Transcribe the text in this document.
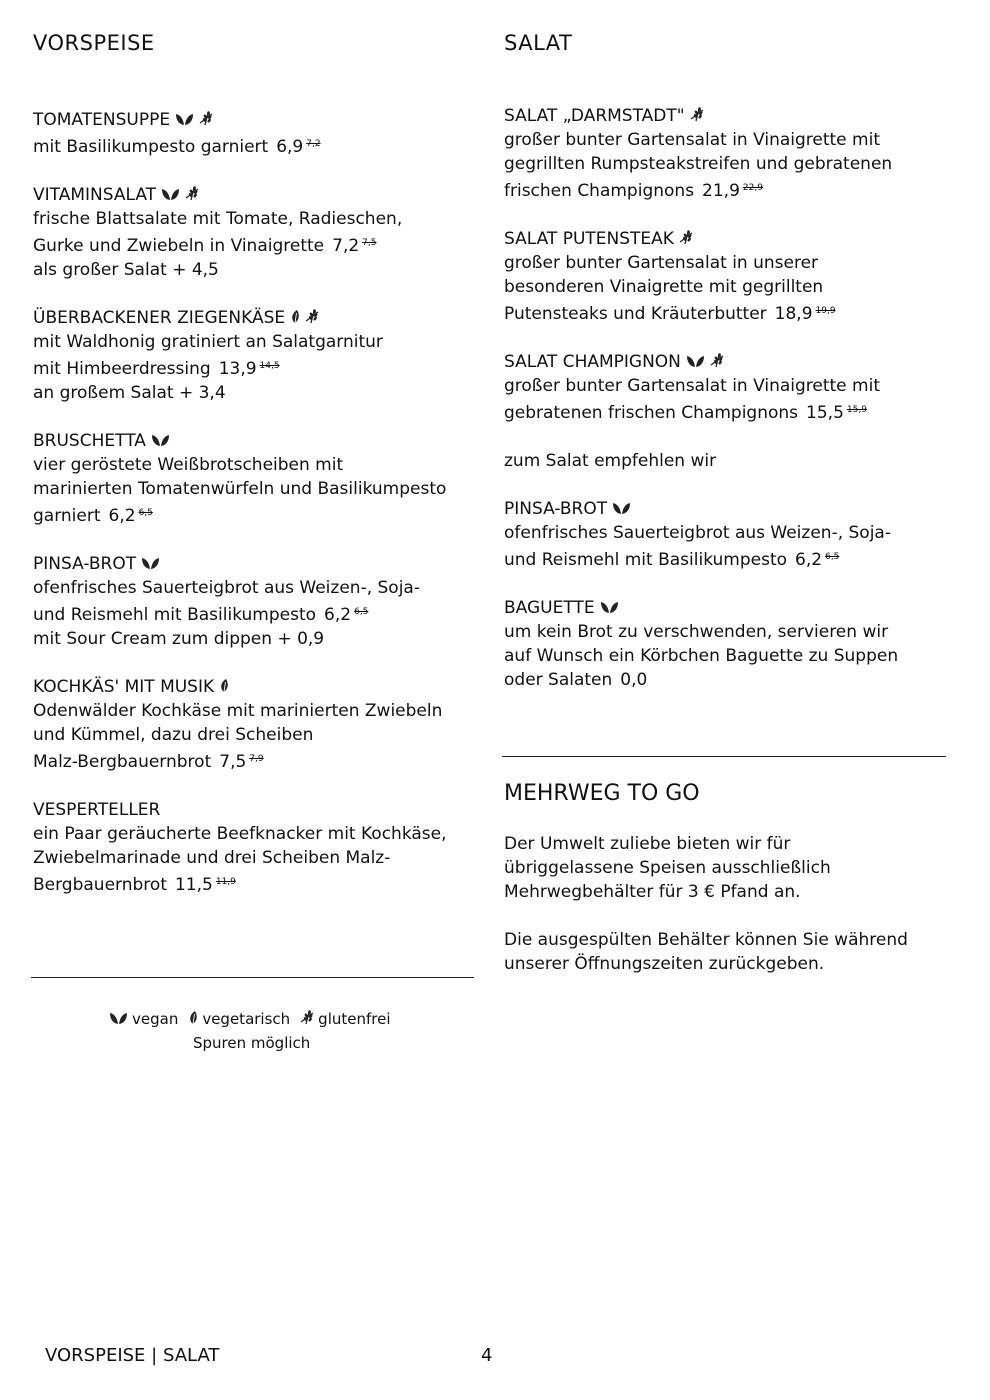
VORSPEISE
TOMATENSUPPE
mit Basilikumpesto garniert 6,9 $^{7,2}$
VITAMINSALAT
frische Blattsalate mit Tomate, Radieschen,
Gurke und Zwiebeln in Vinaigrette 7,2 $^{7,5}$
als großer Salat + 4,5
ÜBERBACKENER ZIEGENKÄSE
mit Waldhonig gratiniert an Salatgarnitur
mit Himbeerdressing 13,9 $^{14,5}$
an großem Salat + 3,4
BRUSCHETTA
vier geröstete Weißbrotscheiben mit
marinierten Tomatenwürfeln und Basilikumpesto
garniert 6,2 $^{6,5}$
PINSA-BROT
ofenfrisches Sauerteigbrot aus Weizen-, Soja-
und Reismehl mit Basilikumpesto 6,2 $^{6,5}$
mit Sour Cream zum dippen + 0,9
KOCHKÄS' MIT MUSIK
Odenwälder Kochkäse mit marinierten Zwiebeln
und Kümmel, dazu drei Scheiben
Malz-Bergbauernbrot 7,5 $^{7,9}$
VESPERTELLER
ein Paar geräucherte Beefknacker mit Kochkäse,
Zwiebelmarinade und drei Scheiben Malz-
Bergbauernbrot 11,5 $^{11,9}$
SALAT
SALAT „DARMSTADT"
großer bunter Gartensalat in Vinaigrette mit
gegrillten Rumpsteakstreifen und gebratenen
frischen Champignons 21,9 $^{22,9}$
SALAT PUTENSTEAK
großer bunter Gartensalat in unserer
besonderen Vinaigrette mit gegrillten
Putensteaks und Kräuterbutter 18,9 $^{19,9}$
SALAT CHAMPIGNON
großer bunter Gartensalat in Vinaigrette mit
gebratenen frischen Champignons 15,5 $^{15,9}$
zum Salat empfehlen wir
PINSA-BROT
ofenfrisches Sauerteigbrot aus Weizen-, Soja-
und Reismehl mit Basilikumpesto 6,2 $^{6,5}$
BAGUETTE
um kein Brot zu verschwenden, servieren wir
auf Wunsch ein Körbchen Baguette zu Suppen
oder Salaten 0,0
MEHRWEG TO GO
Der Umwelt zuliebe bieten wir für
übriggelassene Speisen ausschließlich
Mehrwegbehälter für 3 € Pfand an.
Die ausgespülten Behälter können Sie während
unserer Öffnungszeiten zurückgeben.
vegan vegetarisch glutenfrei
Spuren möglich
VORSPEISE | SALAT	4
